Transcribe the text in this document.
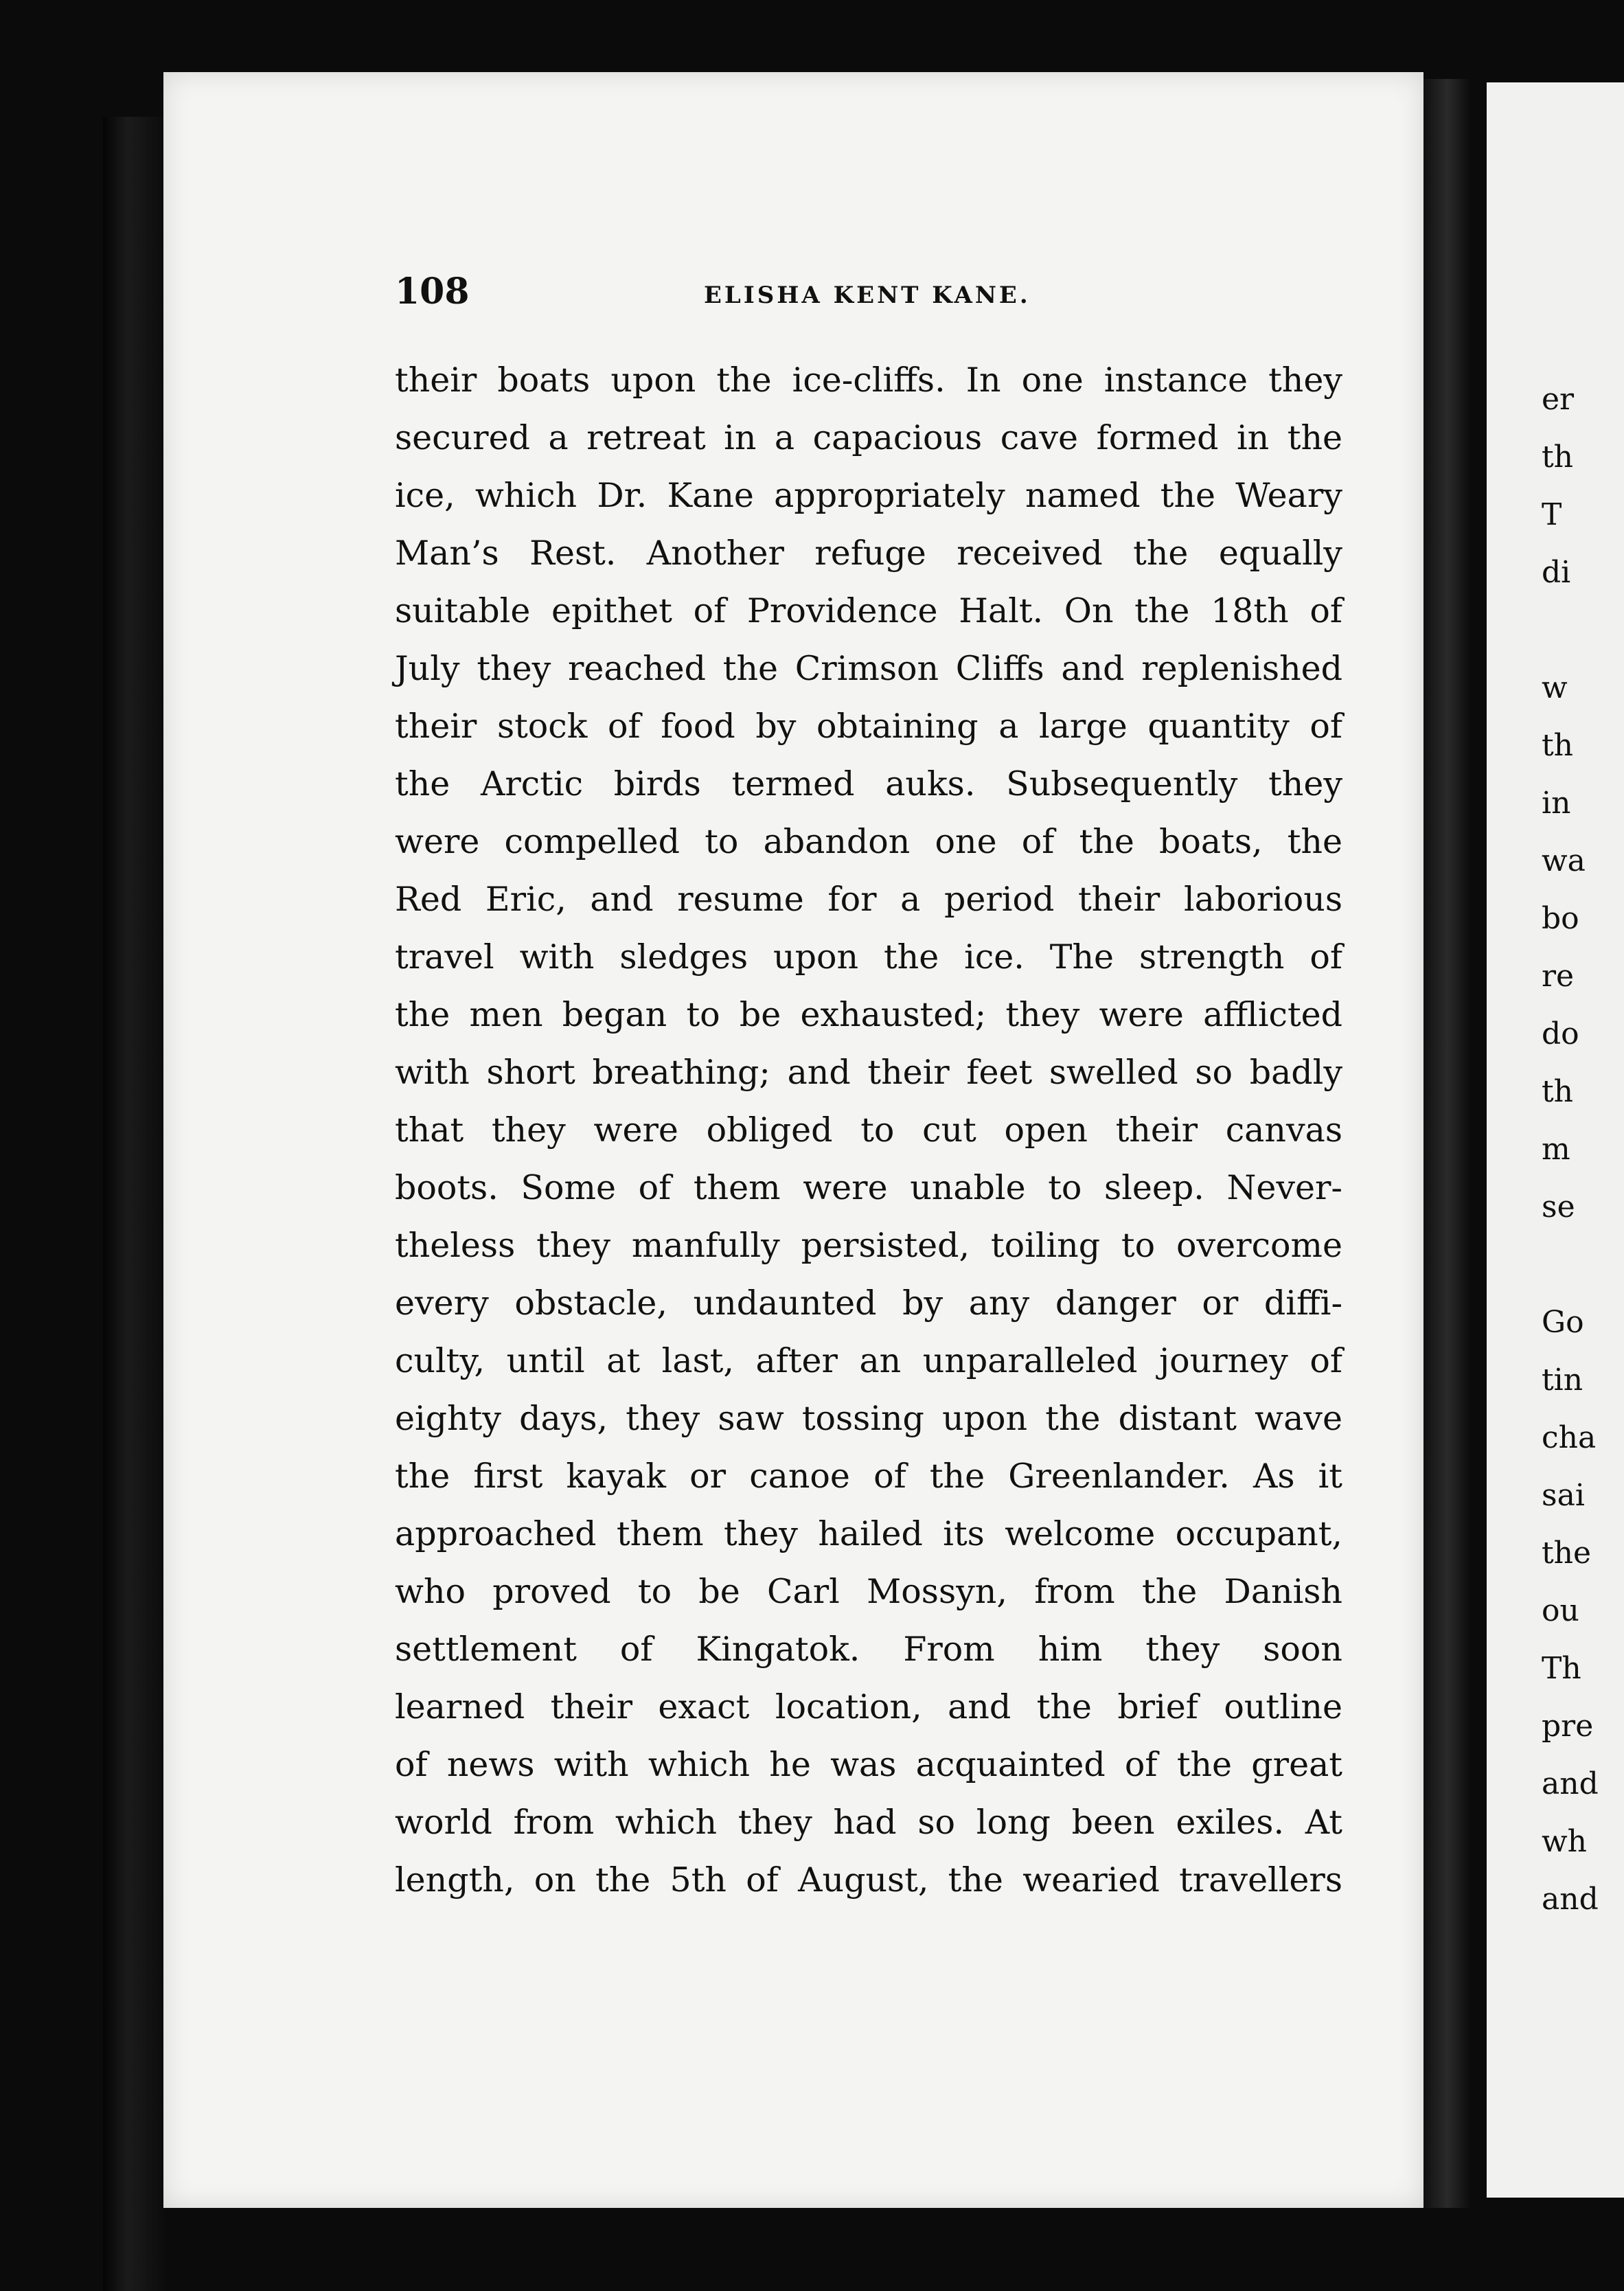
108	ELISHA KENT KANE.
their boats upon the ice-cliffs. In one instance they
secured a retreat in a capacious cave formed in the
ice, which Dr. Kane appropriately named the Weary
Man’s Rest. Another refuge received the equally
suitable epithet of Providence Halt. On the 18th of
July they reached the Crimson Cliffs and replenished
their stock of food by obtaining a large quantity of
the Arctic birds termed auks. Subsequently they
were compelled to abandon one of the boats, the
Red Eric, and resume for a period their laborious
travel with sledges upon the ice. The strength of
the men began to be exhausted; they were afflicted
with short breathing; and their feet swelled so badly
that they were obliged to cut open their canvas
boots. Some of them were unable to sleep. Never-
theless they manfully persisted, toiling to overcome
every obstacle, undaunted by any danger or diffi-
culty, until at last, after an unparalleled journey of
eighty days, they saw tossing upon the distant wave
the first kayak or canoe of the Greenlander. As it
approached them they hailed its welcome occupant,
who proved to be Carl Mossyn, from the Danish
settlement of Kingatok. From him they soon
learned their exact location, and the brief outline
of news with which he was acquainted of the great
world from which they had so long been exiles. At
length, on the 5th of August, the wearied travellers
er
th
T
di
w
th
in
wa
bo
re
do
th
m
se
Go
tin
cha
sai
the
ou
Th
pre
and
wh
and
